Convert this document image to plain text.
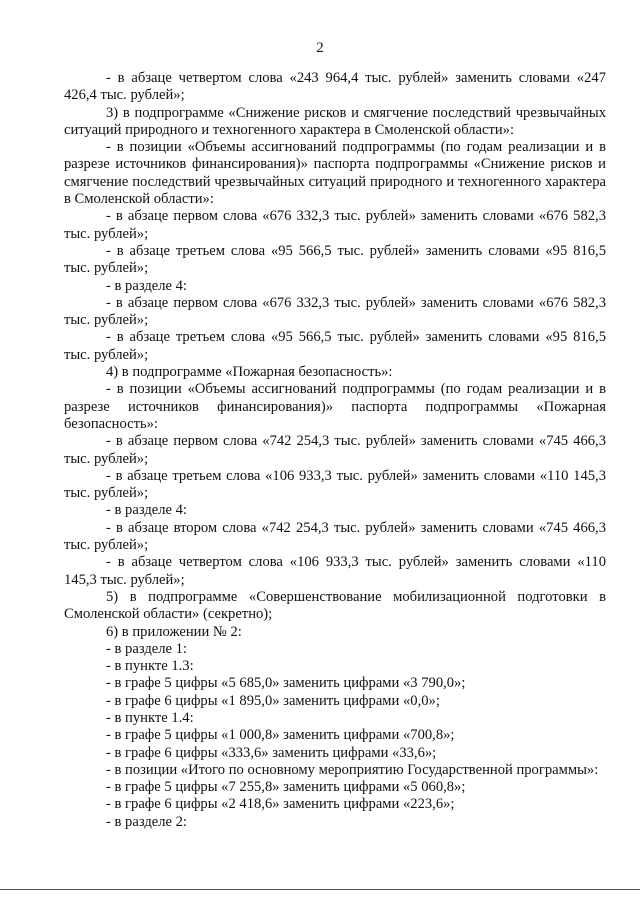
2

- в абзаце четвертом слова «243 964,4 тыс. рублей» заменить словами «247 426,4 тыс. рублей»;

3) в подпрограмме «Снижение рисков и смягчение последствий чрезвычайных ситуаций природного и техногенного характера в Смоленской области»:

- в позиции «Объемы ассигнований подпрограммы (по годам реализации и в разрезе источников финансирования)» паспорта подпрограммы «Снижение рисков и смягчение последствий чрезвычайных ситуаций природного и техногенного характера в Смоленской области»:

- в абзаце первом слова «676 332,3 тыс. рублей» заменить словами «676 582,3 тыс. рублей»;

- в абзаце третьем слова «95 566,5 тыс. рублей» заменить словами «95 816,5 тыс. рублей»;

- в разделе 4:

- в абзаце первом слова «676 332,3 тыс. рублей» заменить словами «676 582,3 тыс. рублей»;

- в абзаце третьем слова «95 566,5 тыс. рублей» заменить словами «95 816,5 тыс. рублей»;

4) в подпрограмме «Пожарная безопасность»:

- в позиции «Объемы ассигнований подпрограммы (по годам реализации и в разрезе источников финансирования)» паспорта подпрограммы «Пожарная безопасность»:

- в абзаце первом слова «742 254,3 тыс. рублей» заменить словами «745 466,3 тыс. рублей»;

- в абзаце третьем слова «106 933,3 тыс. рублей» заменить словами «110 145,3 тыс. рублей»;

- в разделе 4:

- в абзаце втором слова «742 254,3 тыс. рублей» заменить словами «745 466,3 тыс. рублей»;

- в абзаце четвертом слова «106 933,3 тыс. рублей» заменить словами «110 145,3 тыс. рублей»;

5) в подпрограмме «Совершенствование мобилизационной подготовки в Смоленской области» (секретно);

6) в приложении № 2:

- в разделе 1:

- в пункте 1.3:

- в графе 5 цифры «5 685,0» заменить цифрами «3 790,0»;

- в графе 6 цифры «1 895,0» заменить цифрами «0,0»;

- в пункте 1.4:

- в графе 5 цифры «1 000,8» заменить цифрами «700,8»;

- в графе 6 цифры «333,6» заменить цифрами «33,6»;

- в позиции «Итого по основному мероприятию Государственной программы»:

- в графе 5 цифры «7 255,8» заменить цифрами «5 060,8»;

- в графе 6 цифры «2 418,6» заменить цифрами «223,6»;

- в разделе 2:
